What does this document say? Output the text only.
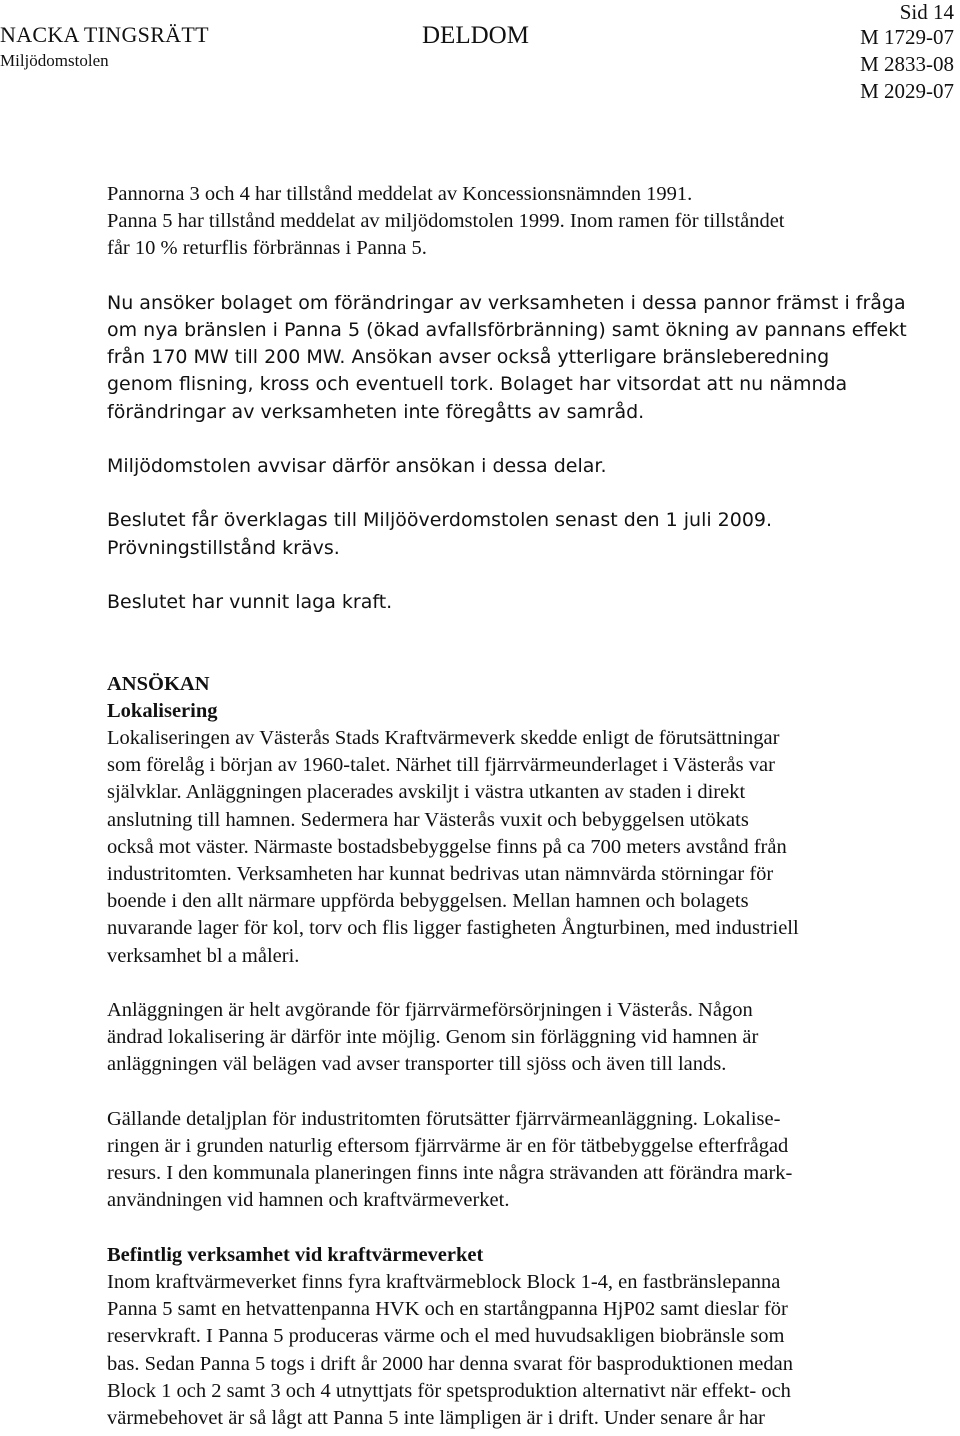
NACKA TINGSRÄTT
Miljödomstolen
DELDOM
Sid 14
M 1729-07
M 2833-08
M 2029-07

Pannorna 3 och 4 har tillstånd meddelat av Koncessionsnämnden 1991.
Panna 5 har tillstånd meddelat av miljödomstolen 1999. Inom ramen för tillståndet
får 10 % returflis förbrännas i Panna 5.

Nu ansöker bolaget om förändringar av verksamheten i dessa pannor främst i fråga
om nya bränslen i Panna 5 (ökad avfallsförbränning) samt ökning av pannans effekt
från 170 MW till 200 MW. Ansökan avser också ytterligare bränsleberedning
genom flisning, kross och eventuell tork. Bolaget har vitsordat att nu nämnda
förändringar av verksamheten inte föregåtts av samråd.

Miljödomstolen avvisar därför ansökan i dessa delar.

Beslutet får överklagas till Miljööverdomstolen senast den 1 juli 2009.
Prövningstillstånd krävs.

Beslutet har vunnit laga kraft.

ANSÖKAN

Lokalisering

Lokaliseringen av Västerås Stads Kraftvärmeverk skedde enligt de förutsättningar
som förelåg i början av 1960-talet. Närhet till fjärrvärmeunderlaget i Västerås var
självklar. Anläggningen placerades avskiljt i västra utkanten av staden i direkt
anslutning till hamnen. Sedermera har Västerås vuxit och bebyggelsen utökats
också mot väster. Närmaste bostadsbebyggelse finns på ca 700 meters avstånd från
industritomten. Verksamheten har kunnat bedrivas utan nämnvärda störningar för
boende i den allt närmare uppförda bebyggelsen. Mellan hamnen och bolagets
nuvarande lager för kol, torv och flis ligger fastigheten Ångturbinen, med industriell
verksamhet bl a måleri.

Anläggningen är helt avgörande för fjärrvärmeförsörjningen i Västerås. Någon
ändrad lokalisering är därför inte möjlig. Genom sin förläggning vid hamnen är
anläggningen väl belägen vad avser transporter till sjöss och även till lands.

Gällande detaljplan för industritomten förutsätter fjärrvärmeanläggning. Lokalise-
ringen är i grunden naturlig eftersom fjärrvärme är en för tätbebyggelse efterfrågad
resurs. I den kommunala planeringen finns inte några strävanden att förändra mark-
användningen vid hamnen och kraftvärmeverket.

Befintlig verksamhet vid kraftvärmeverket

Inom kraftvärmeverket finns fyra kraftvärmeblock Block 1-4, en fastbränslepanna
Panna 5 samt en hetvattenpanna HVK och en startångpanna HjP02 samt dieslar för
reservkraft. I Panna 5 produceras värme och el med huvudsakligen biobränsle som
bas. Sedan Panna 5 togs i drift år 2000 har denna svarat för basproduktionen medan
Block 1 och 2 samt 3 och 4 utnyttjats för spetsproduktion alternativt när effekt- och
värmebehovet är så lågt att Panna 5 inte lämpligen är i drift. Under senare år har
